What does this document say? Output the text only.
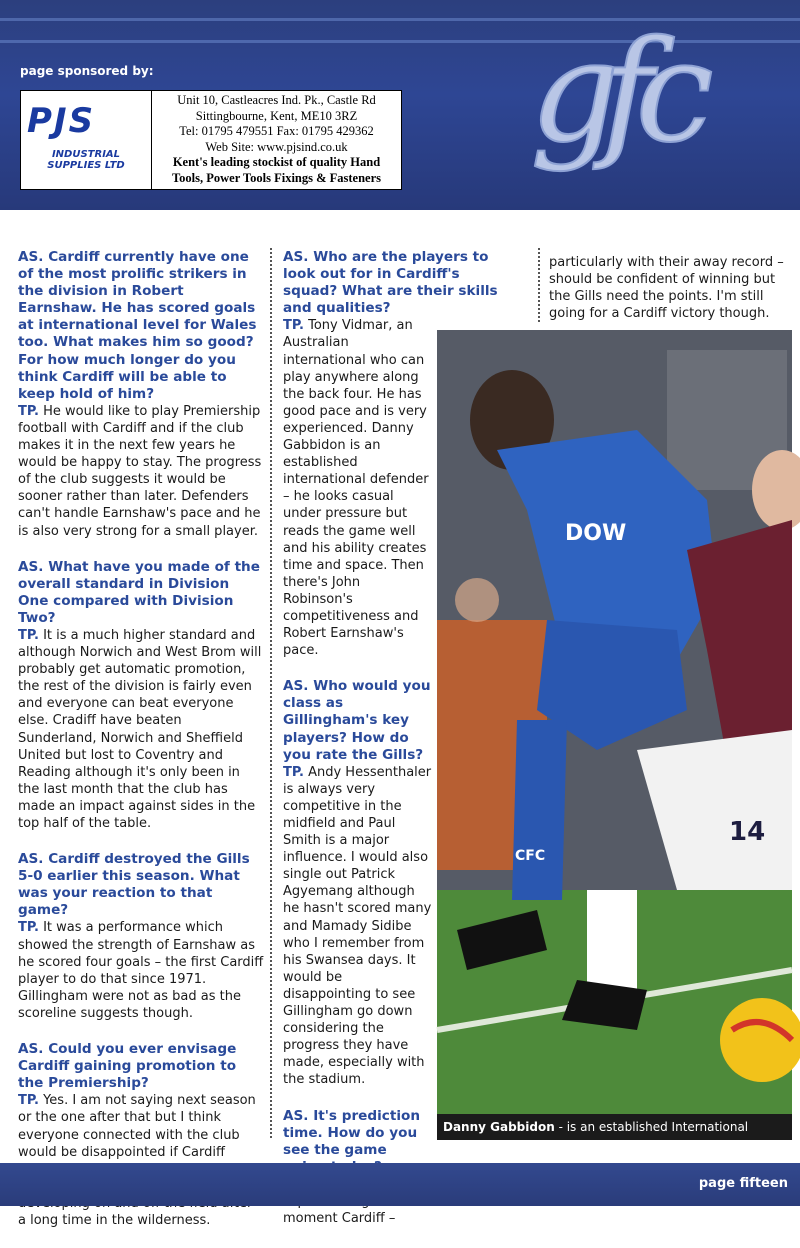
page sponsored by:
PJS
INDUSTRIAL SUPPLIES LTD
Unit 10, Castleacres Ind. Pk., Castle Rd
Sittingbourne, Kent, ME10 3RZ
Tel: 01795 479551 Fax: 01795 429362
Web Site: www.pjsind.co.uk
Kent's leading stockist of quality Hand
Tools, Power Tools Fixings & Fasteners
gfc

AS. Cardiff currently have one of the most prolific strikers in the division in Robert Earnshaw. He has scored goals at international level for Wales too. What makes him so good? For how much longer do you think Cardiff will be able to keep hold of him?

TP. He would like to play Premiership football with Cardiff and if the club makes it in the next few years he would be happy to stay. The progress of the club suggests it would be sooner rather than later. Defenders can't handle Earnshaw's pace and he is also very strong for a small player.

AS. What have you made of the overall standard in Division One compared with Division Two?

TP. It is a much higher standard and although Norwich and West Brom will probably get automatic promotion, the rest of the division is fairly even and everyone can beat everyone else. Cradiff have beaten Sunderland, Norwich and Sheffield United but lost to Coventry and Reading although it's only been in the last month that the club has made an impact against sides in the top half of the table.

AS. Cardiff destroyed the Gills 5-0 earlier this season. What was your reaction to that game?

TP. It was a performance which showed the strength of Earnshaw as he scored four goals – the first Cardiff player to do that since 1971. Gillingham were not as bad as the scoreline suggests though.

AS. Could you ever envisage Cardiff gaining promotion to the Premiership?

TP. Yes. I am not saying next season or the one after that but I think everyone connected with the club would be disappointed if Cardiff a long time in the wilderness.

AS. Who are the players to look out for in Cardiff's squad? What are their skills and qualities?

TP. Tony Vidmar, an Australian international who can play anywhere along the back four. He has good pace and is very experienced. Danny Gabbidon is an established international defender – he looks casual under pressure but reads the game well and his ability creates time and space. Then there's John Robinson's competitiveness and Robert Earnshaw's pace.

AS. Who would you class as Gillingham's key players? How do you rate the Gills?

TP. Andy Hessenthaler is always very competitive in the midfield and Paul Smith is a major influence. I would also single out Patrick Agyemang although he hasn't scored many and Mamady Sidibe who I remember from his Swansea days. It would be disappointing to see Gillingham go down considering the progress they have made, especially with the stadium.

AS. It's prediction time. How do you see the game

moment Cardiff –

particularly with their away record – should be confident of winning but the Gills need the points. I'm still going for a Cardiff victory though.

DOW
CFC
14
Danny Gabbidon - is an established International defender
page fifteen
